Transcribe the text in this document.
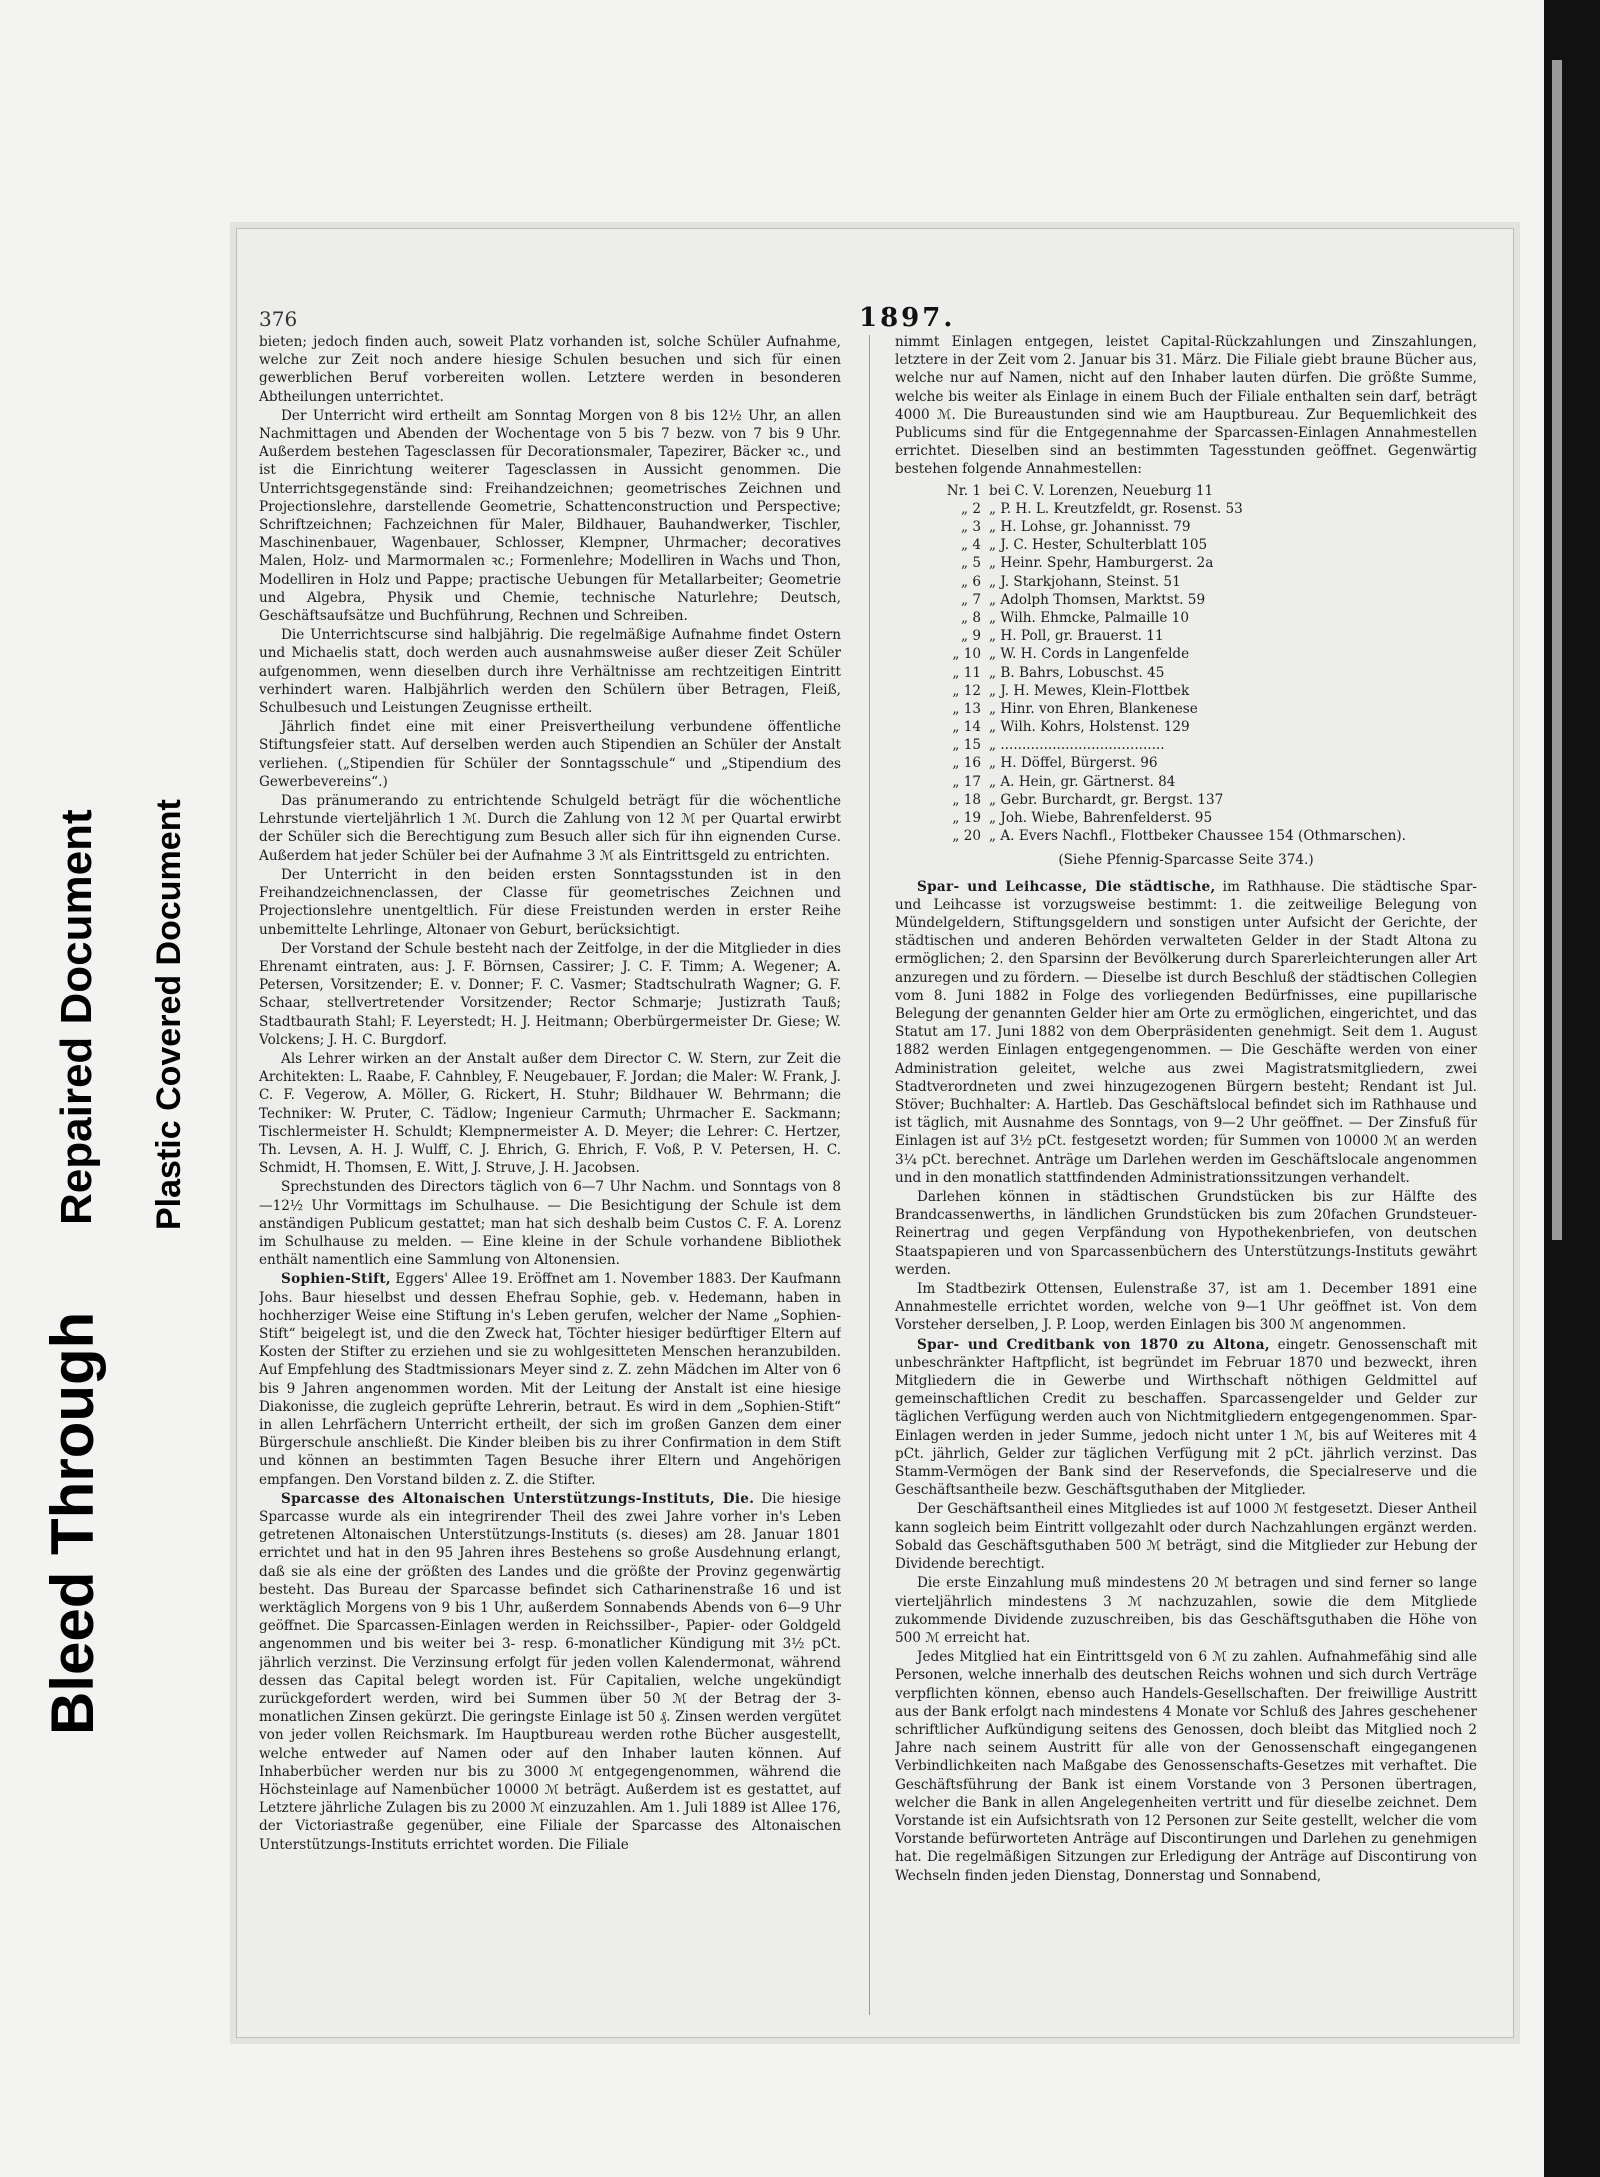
Bleed Through
Repaired Document Plastic Covered Document
376	1897.

bieten; jedoch finden auch, soweit Platz vorhanden ist, solche Schüler Aufnahme, welche zur Zeit noch andere hiesige Schulen besuchen und sich für einen gewerblichen Beruf vorbereiten wollen. Letztere werden in besonderen Abtheilungen unterrichtet.

Der Unterricht wird ertheilt am Sonntag Morgen von 8 bis 12½ Uhr, an allen Nachmittagen und Abenden der Wochentage von 5 bis 7 bezw. von 7 bis 9 Uhr. Außerdem bestehen Tagesclassen für Decorationsmaler, Tapezirer, Bäcker ꝛc., und ist die Einrichtung weiterer Tagesclassen in Aussicht genommen. Die Unterrichtsgegenstände sind: Freihandzeichnen; geometrisches Zeichnen und Projectionslehre, darstellende Geometrie, Schattenconstruction und Perspective; Schriftzeichnen; Fachzeichnen für Maler, Bildhauer, Bauhandwerker, Tischler, Maschinenbauer, Wagenbauer, Schlosser, Klempner, Uhrmacher; decoratives Malen, Holz- und Marmormalen ꝛc.; Formenlehre; Modelliren in Wachs und Thon, Modelliren in Holz und Pappe; practische Uebungen für Metallarbeiter; Geometrie und Algebra, Physik und Chemie, technische Naturlehre; Deutsch, Geschäftsaufsätze und Buchführung, Rechnen und Schreiben.

Die Unterrichtscurse sind halbjährig. Die regelmäßige Aufnahme findet Ostern und Michaelis statt, doch werden auch ausnahmsweise außer dieser Zeit Schüler aufgenommen, wenn dieselben durch ihre Verhältnisse am rechtzeitigen Eintritt verhindert waren. Halbjährlich werden den Schülern über Betragen, Fleiß, Schulbesuch und Leistungen Zeugnisse ertheilt.

Jährlich findet eine mit einer Preisvertheilung verbundene öffentliche Stiftungsfeier statt. Auf derselben werden auch Stipendien an Schüler der Anstalt verliehen. („Stipendien für Schüler der Sonntagsschule“ und „Stipendium des Gewerbevereins“.)

Das pränumerando zu entrichtende Schulgeld beträgt für die wöchentliche Lehrstunde vierteljährlich 1 ℳ. Durch die Zahlung von 12 ℳ per Quartal erwirbt der Schüler sich die Berechtigung zum Besuch aller sich für ihn eignenden Curse. Außerdem hat jeder Schüler bei der Aufnahme 3 ℳ als Eintrittsgeld zu entrichten.

Der Unterricht in den beiden ersten Sonntagsstunden ist in den Freihandzeichnenclassen, der Classe für geometrisches Zeichnen und Projectionslehre unentgeltlich. Für diese Freistunden werden in erster Reihe unbemittelte Lehrlinge, Altonaer von Geburt, berücksichtigt.

Der Vorstand der Schule besteht nach der Zeitfolge, in der die Mitglieder in dies Ehrenamt eintraten, aus: J. F. Börnsen, Cassirer; J. C. F. Timm; A. Wegener; A. Petersen, Vorsitzender; E. v. Donner; F. C. Vasmer; Stadtschulrath Wagner; G. F. Schaar, stellvertretender Vorsitzender; Rector Schmarje; Justizrath Tauß; Stadtbaurath Stahl; F. Leyerstedt; H. J. Heitmann; Oberbürgermeister Dr. Giese; W. Volckens; J. H. C. Burgdorf.

Als Lehrer wirken an der Anstalt außer dem Director C. W. Stern, zur Zeit die Architekten: L. Raabe, F. Cahnbley, F. Neugebauer, F. Jordan; die Maler: W. Frank, J. C. F. Vegerow, A. Möller, G. Rickert, H. Stuhr; Bildhauer W. Behrmann; die Techniker: W. Pruter, C. Tädlow; Ingenieur Carmuth; Uhrmacher E. Sackmann; Tischlermeister H. Schuldt; Klempnermeister A. D. Meyer; die Lehrer: C. Hertzer, Th. Levsen, A. H. J. Wulff, C. J. Ehrich, G. Ehrich, F. Voß, P. V. Petersen, H. C. Schmidt, H. Thomsen, E. Witt, J. Struve, J. H. Jacobsen.

Sprechstunden des Directors täglich von 6—7 Uhr Nachm. und Sonntags von 8—12½ Uhr Vormittags im Schulhause. — Die Besichtigung der Schule ist dem anständigen Publicum gestattet; man hat sich deshalb beim Custos C. F. A. Lorenz im Schulhause zu melden. — Eine kleine in der Schule vorhandene Bibliothek enthält namentlich eine Sammlung von Altonensien.

Sophien-Stift, Eggers' Allee 19. Eröffnet am 1. November 1883. Der Kaufmann Johs. Baur hieselbst und dessen Ehefrau Sophie, geb. v. Hedemann, haben in hochherziger Weise eine Stiftung in's Leben gerufen, welcher der Name „Sophien-Stift“ beigelegt ist, und die den Zweck hat, Töchter hiesiger bedürftiger Eltern auf Kosten der Stifter zu erziehen und sie zu wohlgesitteten Menschen heranzubilden. Auf Empfehlung des Stadtmissionars Meyer sind z. Z. zehn Mädchen im Alter von 6 bis 9 Jahren angenommen worden. Mit der Leitung der Anstalt ist eine hiesige Diakonisse, die zugleich geprüfte Lehrerin, betraut. Es wird in dem „Sophien-Stift“ in allen Lehrfächern Unterricht ertheilt, der sich im großen Ganzen dem einer Bürgerschule anschließt. Die Kinder bleiben bis zu ihrer Confirmation in dem Stift und können an bestimmten Tagen Besuche ihrer Eltern und Angehörigen empfangen. Den Vorstand bilden z. Z. die Stifter.

Sparcasse des Altonaischen Unterstützungs-Instituts, Die. Die hiesige Sparcasse wurde als ein integrirender Theil des zwei Jahre vorher in's Leben getretenen Altonaischen Unterstützungs-Instituts (s. dieses) am 28. Januar 1801 errichtet und hat in den 95 Jahren ihres Bestehens so große Ausdehnung erlangt, daß sie als eine der größten des Landes und die größte der Provinz gegenwärtig besteht. Das Bureau der Sparcasse befindet sich Catharinenstraße 16 und ist werktäglich Morgens von 9 bis 1 Uhr, außerdem Sonnabends Abends von 6—9 Uhr geöffnet. Die Sparcassen-Einlagen werden in Reichssilber-, Papier- oder Goldgeld angenommen und bis weiter bei 3- resp. 6-monatlicher Kündigung mit 3½ pCt. jährlich verzinst. Die Verzinsung erfolgt für jeden vollen Kalendermonat, während dessen das Capital belegt worden ist. Für Capitalien, welche ungekündigt zurückgefordert werden, wird bei Summen über 50 ℳ der Betrag der 3-monatlichen Zinsen gekürzt. Die geringste Einlage ist 50 ₰. Zinsen werden vergütet von jeder vollen Reichsmark. Im Hauptbureau werden rothe Bücher ausgestellt, welche entweder auf Namen oder auf den Inhaber lauten können. Auf Inhaberbücher werden nur bis zu 3000 ℳ entgegengenommen, während die Höchsteinlage auf Namenbücher 10000 ℳ beträgt. Außerdem ist es gestattet, auf Letztere jährliche Zulagen bis zu 2000 ℳ einzuzahlen. Am 1. Juli 1889 ist Allee 176, der Victoriastraße gegenüber, eine Filiale der Sparcasse des Altonaischen Unterstützungs-Instituts errichtet worden. Die Filiale

nimmt Einlagen entgegen, leistet Capital-Rückzahlungen und Zinszahlungen, letztere in der Zeit vom 2. Januar bis 31. März. Die Filiale giebt braune Bücher aus, welche nur auf Namen, nicht auf den Inhaber lauten dürfen. Die größte Summe, welche bis weiter als Einlage in einem Buch der Filiale enthalten sein darf, beträgt 4000 ℳ. Die Bureaustunden sind wie am Hauptbureau. Zur Bequemlichkeit des Publicums sind für die Entgegennahme der Sparcassen-Einlagen Annahmestellen errichtet. Dieselben sind an bestimmten Tagesstunden geöffnet. Gegenwärtig bestehen folgende Annahmestellen:

Nr. 1 bei C. V. Lorenzen, Neueburg 11
„ 2 „ P. H. L. Kreutzfeldt, gr. Rosenst. 53
„ 3 „ H. Lohse, gr. Johannisst. 79
„ 4 „ J. C. Hester, Schulterblatt 105
„ 5 „ Heinr. Spehr, Hamburgerst. 2a
„ 6 „ J. Starkjohann, Steinst. 51
„ 7 „ Adolph Thomsen, Marktst. 59
„ 8 „ Wilh. Ehmcke, Palmaille 10
„ 9 „ H. Poll, gr. Brauerst. 11
„ 10 „ W. H. Cords in Langenfelde
„ 11 „ B. Bahrs, Lobuschst. 45
„ 12 „ J. H. Mewes, Klein-Flottbek
„ 13 „ Hinr. von Ehren, Blankenese
„ 14 „ Wilh. Kohrs, Holstenst. 129
„ 15 „ ......................................
„ 16 „ H. Döffel, Bürgerst. 96
„ 17 „ A. Hein, gr. Gärtnerst. 84
„ 18 „ Gebr. Burchardt, gr. Bergst. 137
„ 19 „ Joh. Wiebe, Bahrenfelderst. 95
„ 20 „ A. Evers Nachfl., Flottbeker Chaussee 154 (Othmarschen).
(Siehe Pfennig-Sparcasse Seite 374.)

Spar- und Leihcasse, Die städtische, im Rathhause. Die städtische Spar- und Leihcasse ist vorzugsweise bestimmt: 1. die zeitweilige Belegung von Mündelgeldern, Stiftungsgeldern und sonstigen unter Aufsicht der Gerichte, der städtischen und anderen Behörden verwalteten Gelder in der Stadt Altona zu ermöglichen; 2. den Sparsinn der Bevölkerung durch Sparerleichterungen aller Art anzuregen und zu fördern. — Dieselbe ist durch Beschluß der städtischen Collegien vom 8. Juni 1882 in Folge des vorliegenden Bedürfnisses, eine pupillarische Belegung der genannten Gelder hier am Orte zu ermöglichen, eingerichtet, und das Statut am 17. Juni 1882 von dem Oberpräsidenten genehmigt. Seit dem 1. August 1882 werden Einlagen entgegengenommen. — Die Geschäfte werden von einer Administration geleitet, welche aus zwei Magistratsmitgliedern, zwei Stadtverordneten und zwei hinzugezogenen Bürgern besteht; Rendant ist Jul. Stöver; Buchhalter: A. Hartleb. Das Geschäftslocal befindet sich im Rathhause und ist täglich, mit Ausnahme des Sonntags, von 9—2 Uhr geöffnet. — Der Zinsfuß für Einlagen ist auf 3½ pCt. festgesetzt worden; für Summen von 10000 ℳ an werden 3¼ pCt. berechnet. Anträge um Darlehen werden im Geschäftslocale angenommen und in den monatlich stattfindenden Administrationssitzungen verhandelt.

Darlehen können in städtischen Grundstücken bis zur Hälfte des Brandcassenwerths, in ländlichen Grundstücken bis zum 20fachen Grundsteuer-Reinertrag und gegen Verpfändung von Hypothekenbriefen, von deutschen Staatspapieren und von Sparcassenbüchern des Unterstützungs-Instituts gewährt werden.

Im Stadtbezirk Ottensen, Eulenstraße 37, ist am 1. December 1891 eine Annahmestelle errichtet worden, welche von 9—1 Uhr geöffnet ist. Von dem Vorsteher derselben, J. P. Loop, werden Einlagen bis 300 ℳ angenommen.

Spar- und Creditbank von 1870 zu Altona, eingetr. Genossenschaft mit unbeschränkter Haftpflicht, ist begründet im Februar 1870 und bezweckt, ihren Mitgliedern die in Gewerbe und Wirthschaft nöthigen Geldmittel auf gemeinschaftlichen Credit zu beschaffen. Sparcassengelder und Gelder zur täglichen Verfügung werden auch von Nichtmitgliedern entgegengenommen. Spar-Einlagen werden in jeder Summe, jedoch nicht unter 1 ℳ, bis auf Weiteres mit 4 pCt. jährlich, Gelder zur täglichen Verfügung mit 2 pCt. jährlich verzinst. Das Stamm-Vermögen der Bank sind der Reservefonds, die Specialreserve und die Geschäftsantheile bezw. Geschäftsguthaben der Mitglieder.

Der Geschäftsantheil eines Mitgliedes ist auf 1000 ℳ festgesetzt. Dieser Antheil kann sogleich beim Eintritt vollgezahlt oder durch Nachzahlungen ergänzt werden. Sobald das Geschäftsguthaben 500 ℳ beträgt, sind die Mitglieder zur Hebung der Dividende berechtigt.

Die erste Einzahlung muß mindestens 20 ℳ betragen und sind ferner so lange vierteljährlich mindestens 3 ℳ nachzuzahlen, sowie die dem Mitgliede zukommende Dividende zuzuschreiben, bis das Geschäftsguthaben die Höhe von 500 ℳ erreicht hat.

Jedes Mitglied hat ein Eintrittsgeld von 6 ℳ zu zahlen. Aufnahmefähig sind alle Personen, welche innerhalb des deutschen Reichs wohnen und sich durch Verträge verpflichten können, ebenso auch Handels-Gesellschaften. Der freiwillige Austritt aus der Bank erfolgt nach mindestens 4 Monate vor Schluß des Jahres geschehener schriftlicher Aufkündigung seitens des Genossen, doch bleibt das Mitglied noch 2 Jahre nach seinem Austritt für alle von der Genossenschaft eingegangenen Verbindlichkeiten nach Maßgabe des Genossenschafts-Gesetzes mit verhaftet. Die Geschäftsführung der Bank ist einem Vorstande von 3 Personen übertragen, welcher die Bank in allen Angelegenheiten vertritt und für dieselbe zeichnet. Dem Vorstande ist ein Aufsichtsrath von 12 Personen zur Seite gestellt, welcher die vom Vorstande befürworteten Anträge auf Discontirungen und Darlehen zu genehmigen hat. Die regelmäßigen Sitzungen zur Erledigung der Anträge auf Discontirung von Wechseln finden jeden Dienstag, Donnerstag und Sonnabend,
